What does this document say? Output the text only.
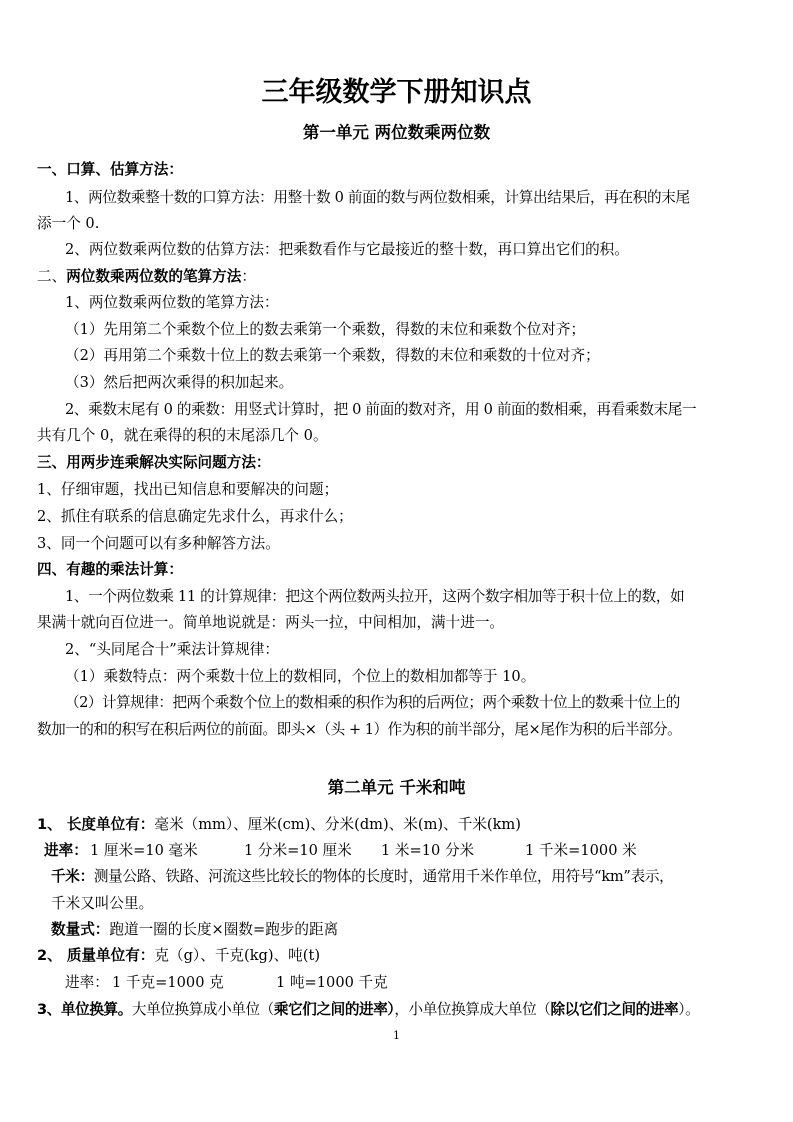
三年级数学下册知识点
第一单元 两位数乘两位数
一、口算、估算方法：
1、两位数乘整十数的口算方法：用整十数 0 前面的数与两位数相乘，计算出结果后，再在积的末尾
添一个 0.
2、两位数乘两位数的估算方法：把乘数看作与它最接近的整十数，再口算出它们的积。
二、两位数乘两位数的笔算方法：
1、两位数乘两位数的笔算方法：
（1）先用第二个乘数个位上的数去乘第一个乘数，得数的末位和乘数个位对齐；
（2）再用第二个乘数十位上的数去乘第一个乘数，得数的末位和乘数的十位对齐；
（3）然后把两次乘得的积加起来。
2、乘数末尾有 0 的乘数：用竖式计算时，把 0 前面的数对齐，用 0 前面的数相乘，再看乘数末尾一
共有几个 0，就在乘得的积的末尾添几个 0。
三、用两步连乘解决实际问题方法：
1、仔细审题，找出已知信息和要解决的问题；
2、抓住有联系的信息确定先求什么，再求什么；
3、同一个问题可以有多种解答方法。
四、有趣的乘法计算：
1、一个两位数乘 11 的计算规律：把这个两位数两头拉开，这两个数字相加等于积十位上的数，如
果满十就向百位进一。简单地说就是：两头一拉，中间相加，满十进一。
2、“头同尾合十”乘法计算规律：
（1）乘数特点：两个乘数十位上的数相同，个位上的数相加都等于 10。
（2）计算规律：把两个乘数个位上的数相乘的积作为积的后两位；两个乘数十位上的数乘十位上的
数加一的和的积写在积后两位的前面。即头×（头 + 1）作为积的前半部分，尾×尾作为积的后半部分。
第二单元 千米和吨
1、 长度单位有：毫米（mm）、厘米(cm)、分米(dm)、米(m)、千米(km)
进率： 1 厘米=10 毫米	1 分米=10 厘米 1 米=10 分米	1 千米=1000 米
千米：测量公路、铁路、河流这些比较长的物体的长度时，通常用千米作单位，用符号“km”表示，
千米又叫公里。
数量式：跑道一圈的长度×圈数=跑步的距离
2、 质量单位有：克（g）、千克(kg)、吨(t)
进率： 1 千克=1000 克	1 吨=1000 千克
3、单位换算。大单位换算成小单位（乘它们之间的进率），小单位换算成大单位（除以它们之间的进率）。
1
